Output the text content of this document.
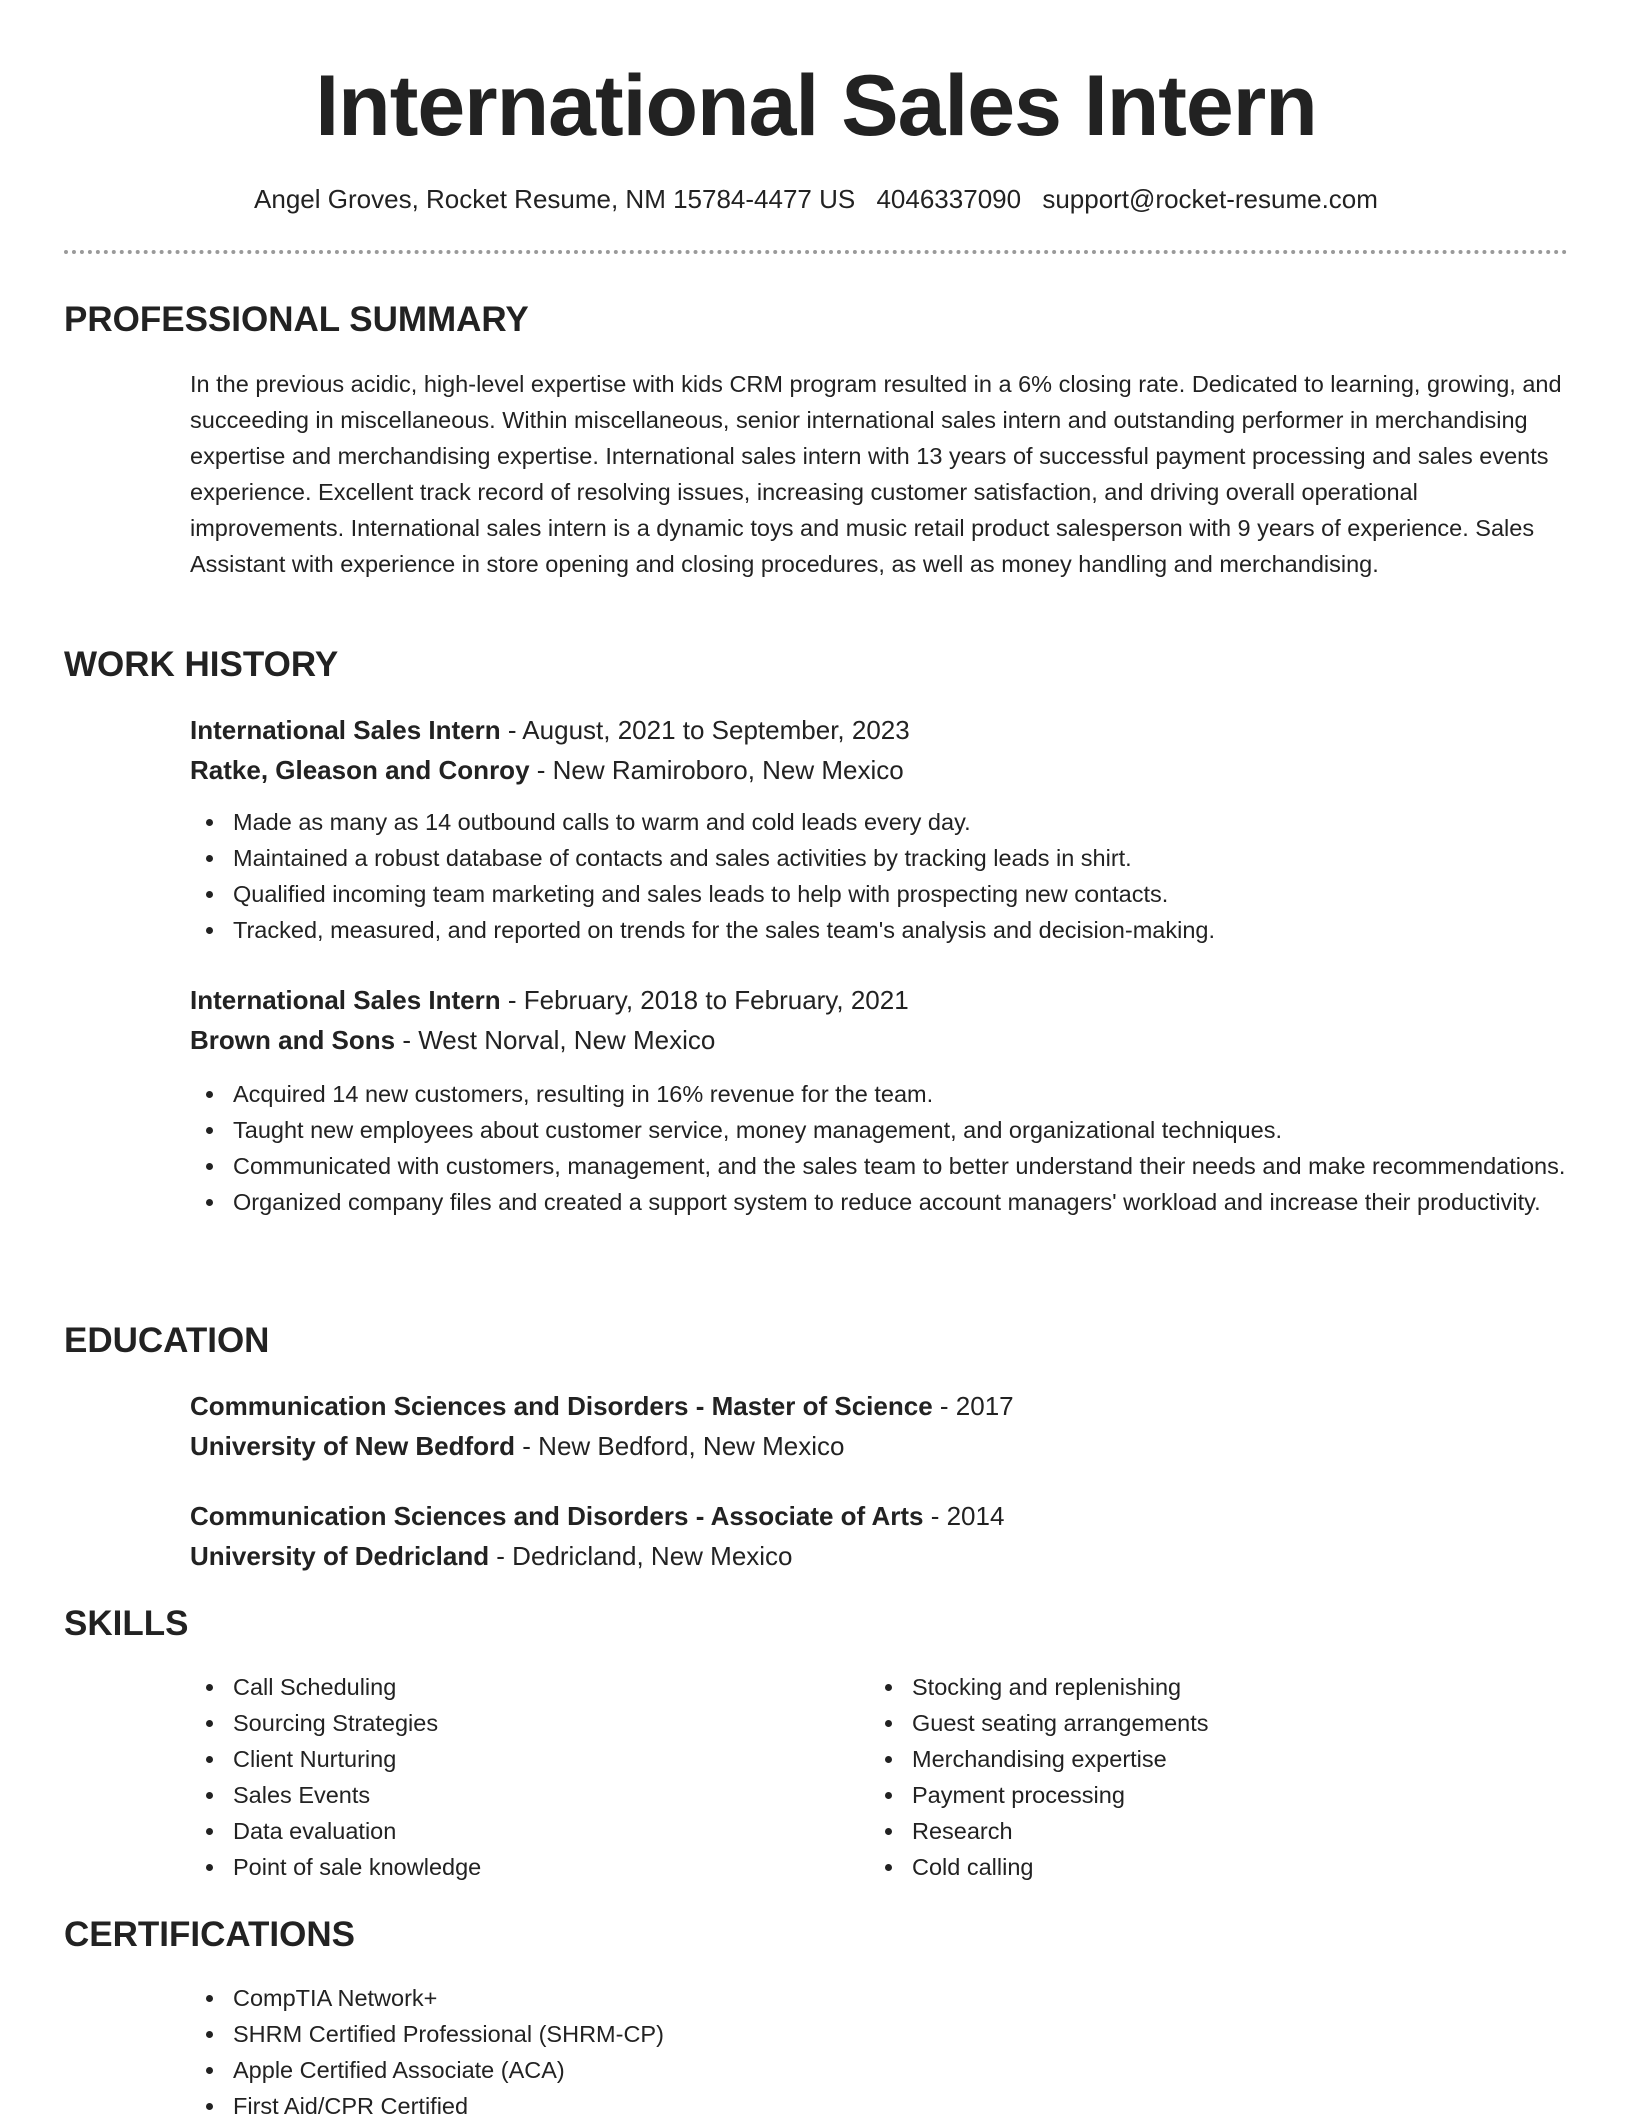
International Sales Intern
Angel Groves, Rocket Resume, NM 15784-4477 US 4046337090 support@rocket-resume.com
PROFESSIONAL SUMMARY
In the previous acidic, high-level expertise with kids CRM program resulted in a 6% closing rate. Dedicated to learning, growing, and succeeding in miscellaneous. Within miscellaneous, senior international sales intern and outstanding performer in merchandising expertise and merchandising expertise. International sales intern with 13 years of successful payment processing and sales events experience. Excellent track record of resolving issues, increasing customer satisfaction, and driving overall operational improvements. International sales intern is a dynamic toys and music retail product salesperson with 9 years of experience. Sales Assistant with experience in store opening and closing procedures, as well as money handling and merchandising.
WORK HISTORY
International Sales Intern - August, 2021 to September, 2023
Ratke, Gleason and Conroy - New Ramiroboro, New Mexico
Made as many as 14 outbound calls to warm and cold leads every day.
Maintained a robust database of contacts and sales activities by tracking leads in shirt.
Qualified incoming team marketing and sales leads to help with prospecting new contacts.
Tracked, measured, and reported on trends for the sales team's analysis and decision-making.
International Sales Intern - February, 2018 to February, 2021
Brown and Sons - West Norval, New Mexico
Acquired 14 new customers, resulting in 16% revenue for the team.
Taught new employees about customer service, money management, and organizational techniques.
Communicated with customers, management, and the sales team to better understand their needs and make recommendations.
Organized company files and created a support system to reduce account managers' workload and increase their productivity.
EDUCATION
Communication Sciences and Disorders - Master of Science - 2017
University of New Bedford - New Bedford, New Mexico
Communication Sciences and Disorders - Associate of Arts - 2014
University of Dedricland - Dedricland, New Mexico
SKILLS
Call Scheduling
Sourcing Strategies
Client Nurturing
Sales Events
Data evaluation
Point of sale knowledge
Stocking and replenishing
Guest seating arrangements
Merchandising expertise
Payment processing
Research
Cold calling
CERTIFICATIONS
CompTIA Network+
SHRM Certified Professional (SHRM-CP)
Apple Certified Associate (ACA)
First Aid/CPR Certified
